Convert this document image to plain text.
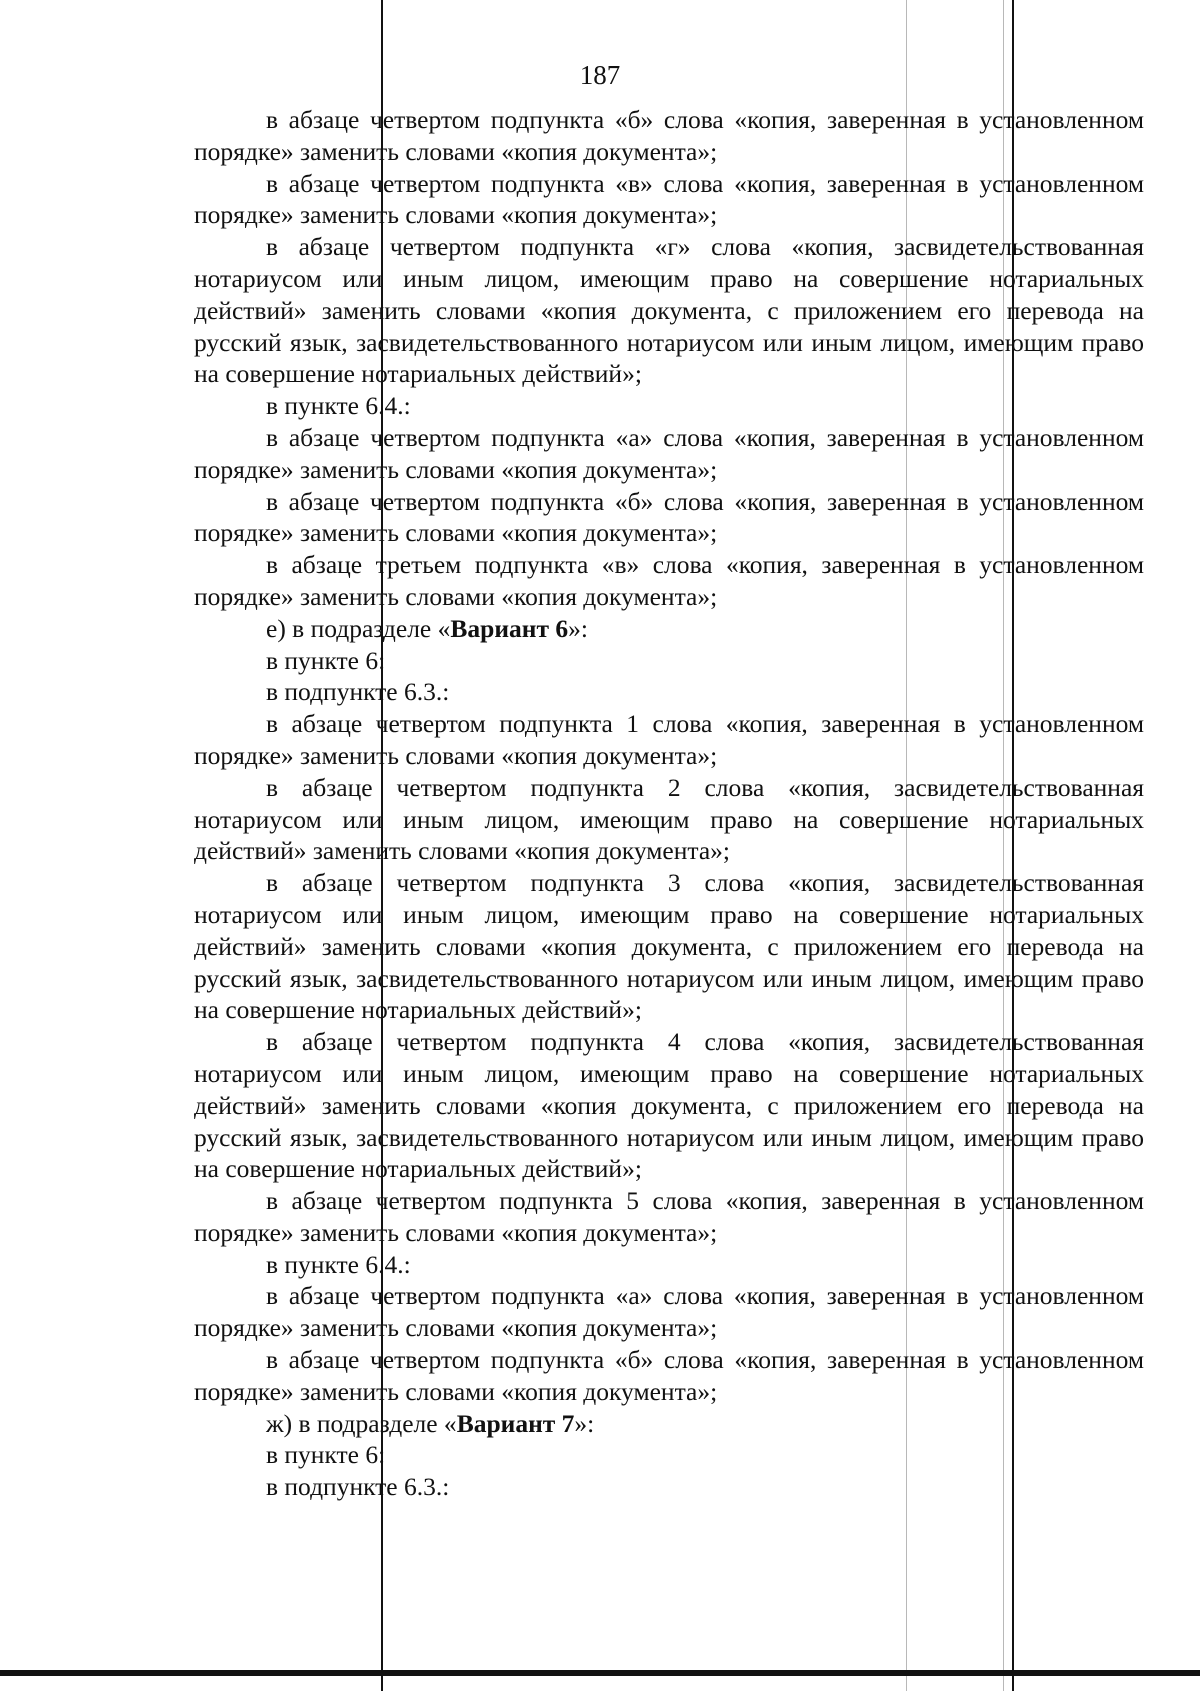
187

в абзаце четвертом подпункта «б» слова «копия, заверенная в установленном порядке» заменить словами «копия документа»;

в абзаце четвертом подпункта «в» слова «копия, заверенная в установленном порядке» заменить словами «копия документа»;

в абзаце четвертом подпункта «г» слова «копия, засвидетельствованная нотариусом или иным лицом, имеющим право на совершение нотариальных действий» заменить словами «копия документа, с приложением его перевода на русский язык, засвидетельствованного нотариусом или иным лицом, имеющим право на совершение нотариальных действий»;

в пункте 6.4.:

в абзаце четвертом подпункта «а» слова «копия, заверенная в установленном порядке» заменить словами «копия документа»;

в абзаце четвертом подпункта «б» слова «копия, заверенная в установленном порядке» заменить словами «копия документа»;

в абзаце третьем подпункта «в» слова «копия, заверенная в установленном порядке» заменить словами «копия документа»;

е) в подразделе «Вариант 6»:

в пункте 6:

в подпункте 6.3.:

в абзаце четвертом подпункта 1 слова «копия, заверенная в установленном порядке» заменить словами «копия документа»;

в абзаце четвертом подпункта 2 слова «копия, засвидетельствованная нотариусом или иным лицом, имеющим право на совершение нотариальных действий» заменить словами «копия документа»;

в абзаце четвертом подпункта 3 слова «копия, засвидетельствованная нотариусом или иным лицом, имеющим право на совершение нотариальных действий» заменить словами «копия документа, с приложением его перевода на русский язык, засвидетельствованного нотариусом или иным лицом, имеющим право на совершение нотариальных действий»;

в абзаце четвертом подпункта 4 слова «копия, засвидетельствованная нотариусом или иным лицом, имеющим право на совершение нотариальных действий» заменить словами «копия документа, с приложением его перевода на русский язык, засвидетельствованного нотариусом или иным лицом, имеющим право на совершение нотариальных действий»;

в абзаце четвертом подпункта 5 слова «копия, заверенная в установленном порядке» заменить словами «копия документа»;

в пункте 6.4.:

в абзаце четвертом подпункта «а» слова «копия, заверенная в установленном порядке» заменить словами «копия документа»;

в абзаце четвертом подпункта «б» слова «копия, заверенная в установленном порядке» заменить словами «копия документа»;

ж) в подразделе «Вариант 7»:

в пункте 6:

в подпункте 6.3.:
